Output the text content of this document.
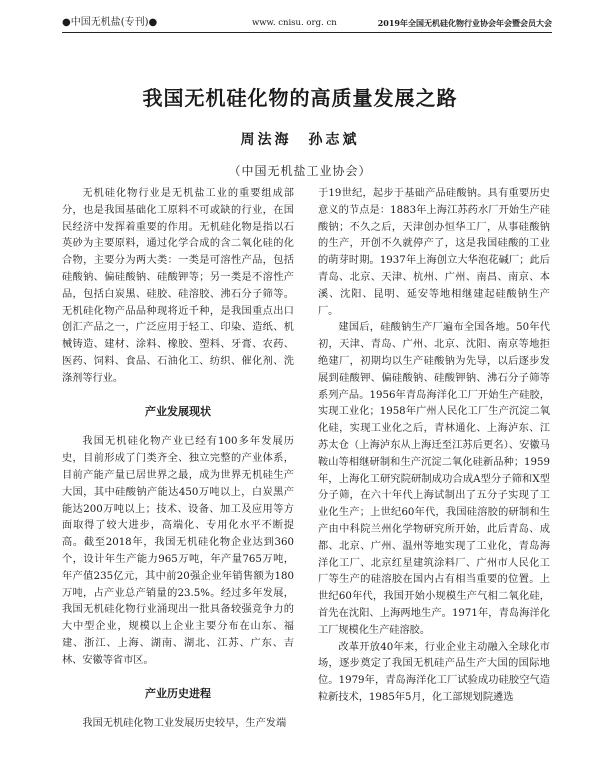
●中国无机盐(专刊)●	www. cnisu. org. cn	2019年全国无机硅化物行业协会年会暨会员大会
我国无机硅化物的高质量发展之路
周法海　孙志斌
（中国无机盐工业协会）

无机硅化物行业是无机盐工业的重要组成部分，也是我国基础化工原料不可或缺的行业，在国民经济中发挥着重要的作用。无机硅化物是指以石英砂为主要原料，通过化学合成的含二氧化硅的化合物，主要分为两大类：一类是可溶性产品，包括硅酸钠、偏硅酸钠、硅酸钾等；另一类是不溶性产品，包括白炭黑、硅胶、硅溶胶、沸石分子筛等。无机硅化物产品品种现将近千种，是我国重点出口创汇产品之一，广泛应用于轻工、印染、造纸、机械铸造、建材、涂料、橡胶、塑料、牙膏、农药、医药、饲料、食品、石油化工、纺织、催化剂、洗涤剂等行业。

产业发展现状

我国无机硅化物产业已经有100多年发展历史，目前形成了门类齐全、独立完整的产业体系，目前产能产量已居世界之最，成为世界无机硅生产大国，其中硅酸钠产能达450万吨以上，白炭黑产能达200万吨以上；技术、设备、加工及应用等方面取得了较大进步，高端化、专用化水平不断提高。截至2018年，我国无机硅化物企业达到360个，设计年生产能力965万吨，年产量765万吨，年产值235亿元，其中前20强企业年销售额为180万吨，占产业总产销量的23.5%。经过多年发展，我国无机硅化物行业涌现出一批具备较强竞争力的大中型企业，规模以上企业主要分布在山东、福建、浙江、上海、湖南、湖北、江苏、广东、吉林、安徽等省市区。

产业历史进程

我国无机硅化物工业发展历史较早，生产发端

于19世纪，起步于基础产品硅酸钠。具有重要历史意义的节点是：1883年上海江苏药水厂开始生产硅酸钠；不久之后，天津创办恒华工厂，从事硅酸钠的生产，开创不久就停产了，这是我国硅酸的工业的萌芽时期。1937年上海创立大华泡花碱厂；此后青岛、北京、天津、杭州、广州、南昌、南京、本溪、沈阳、昆明、延安等地相继建起硅酸钠生产厂。

建国后，硅酸钠生产厂遍布全国各地。50年代初，天津、青岛、广州、北京、沈阳、南京等地拒绝建厂，初期均以生产硅酸钠为先导，以后逐步发展到硅酸钾、偏硅酸钠、硅酸钾钠、沸石分子筛等系列产品。1956年青岛海洋化工厂开始生产硅胶，实现工业化；1958年广州人民化工厂生产沉淀二氧化硅，实现工业化之后，青林通化、上海泸东、江苏太仓（上海泸东从上海迁至江苏后更名）、安徽马鞍山等相继研制和生产沉淀二氧化硅新品种；1959年，上海化工研究院研制成功合成A型分子筛和X型分子筛，在六十年代上海试制出了五分子实现了工业化生产；上世纪60年代，我国硅溶胶的研制和生产由中科院兰州化学物研究所开始，此后青岛、成都、北京、广州、温州等地实现了工业化，青岛海洋化工厂、北京红星建筑涂料厂、广州市人民化工厂等生产的硅溶胶在国内占有相当重要的位置。上世纪60年代，我国开始小规模生产气相二氧化硅，首先在沈阳、上海两地生产。1971年，青岛海洋化工厂规模化生产硅溶胶。

改革开放40年来，行业企业主动融入全球化市场，逐步奠定了我国无机硅产品生产大国的国际地位。1979年，青岛海洋化工厂试验成功硅胶空气造粒新技术，1985年5月，化工部规划院遴选
